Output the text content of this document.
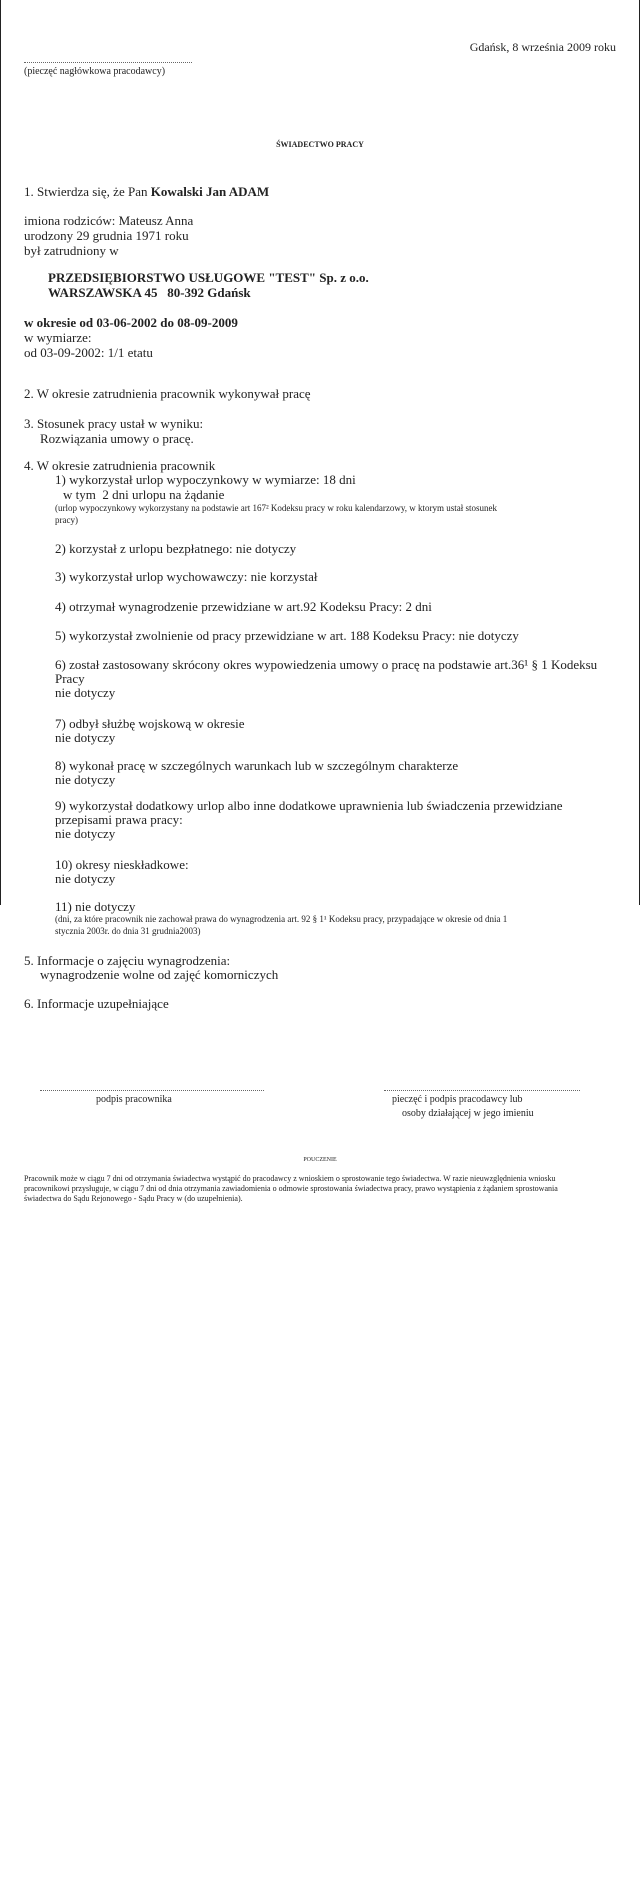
Gdańsk, 8 września 2009 roku
(pieczęć nagłówkowa pracodawcy)
ŚWIADECTWO PRACY
1. Stwierdza się, że Pan Kowalski Jan ADAM
imiona rodziców: Mateusz Anna
urodzony 29 grudnia 1971 roku
był zatrudniony w
PRZEDSIĘBIORSTWO USŁUGOWE "TEST" Sp. z o.o.
WARSZAWSKA 45   80-392 Gdańsk
w okresie od 03-06-2002 do 08-09-2009
w wymiarze:
od 03-09-2002: 1/1 etatu
2. W okresie zatrudnienia pracownik wykonywał pracę
3. Stosunek pracy ustał w wyniku:
Rozwiązania umowy o pracę.
4. W okresie zatrudnienia pracownik
1) wykorzystał urlop wypoczynkowy w wymiarze: 18 dni
w tym  2 dni urlopu na żądanie
(urlop wypoczynkowy wykorzystany na podstawie art 167² Kodeksu pracy w roku kalendarzowy, w ktorym ustał stosunek
pracy)
2) korzystał z urlopu bezpłatnego: nie dotyczy
3) wykorzystał urlop wychowawczy: nie korzystał
4) otrzymał wynagrodzenie przewidziane w art.92 Kodeksu Pracy: 2 dni
5) wykorzystał zwolnienie od pracy przewidziane w art. 188 Kodeksu Pracy: nie dotyczy
6) został zastosowany skrócony okres wypowiedzenia umowy o pracę na podstawie art.36¹ § 1 Kodeksu
Pracy
nie dotyczy
7) odbył służbę wojskową w okresie
nie dotyczy
8) wykonał pracę w szczególnych warunkach lub w szczególnym charakterze
nie dotyczy
9) wykorzystał dodatkowy urlop albo inne dodatkowe uprawnienia lub świadczenia przewidziane
przepisami prawa pracy:
nie dotyczy
10) okresy nieskładkowe:
nie dotyczy
11) nie dotyczy
(dni, za które pracownik nie zachował prawa do wynagrodzenia art. 92 § 1¹ Kodeksu pracy, przypadające w okresie od dnia 1
stycznia 2003r. do dnia 31 grudnia2003)
5. Informacje o zajęciu wynagrodzenia:
wynagrodzenie wolne od zajęć komorniczych
6. Informacje uzupełniające
podpis pracownika	pieczęć i podpis pracodawcy lub
osoby działającej w jego imieniu
POUCZENIE
Pracownik może w ciągu 7 dni od otrzymania świadectwa wystąpić do pracodawcy z wnioskiem o sprostowanie tego świadectwa. W razie nieuwzględnienia wniosku
pracownikowi przysługuje, w ciągu 7 dni od dnia otrzymania zawiadomienia o odmowie sprostowania świadectwa pracy, prawo wystąpienia z żądaniem sprostowania
świadectwa do Sądu Rejonowego - Sądu Pracy w (do uzupełnienia).
